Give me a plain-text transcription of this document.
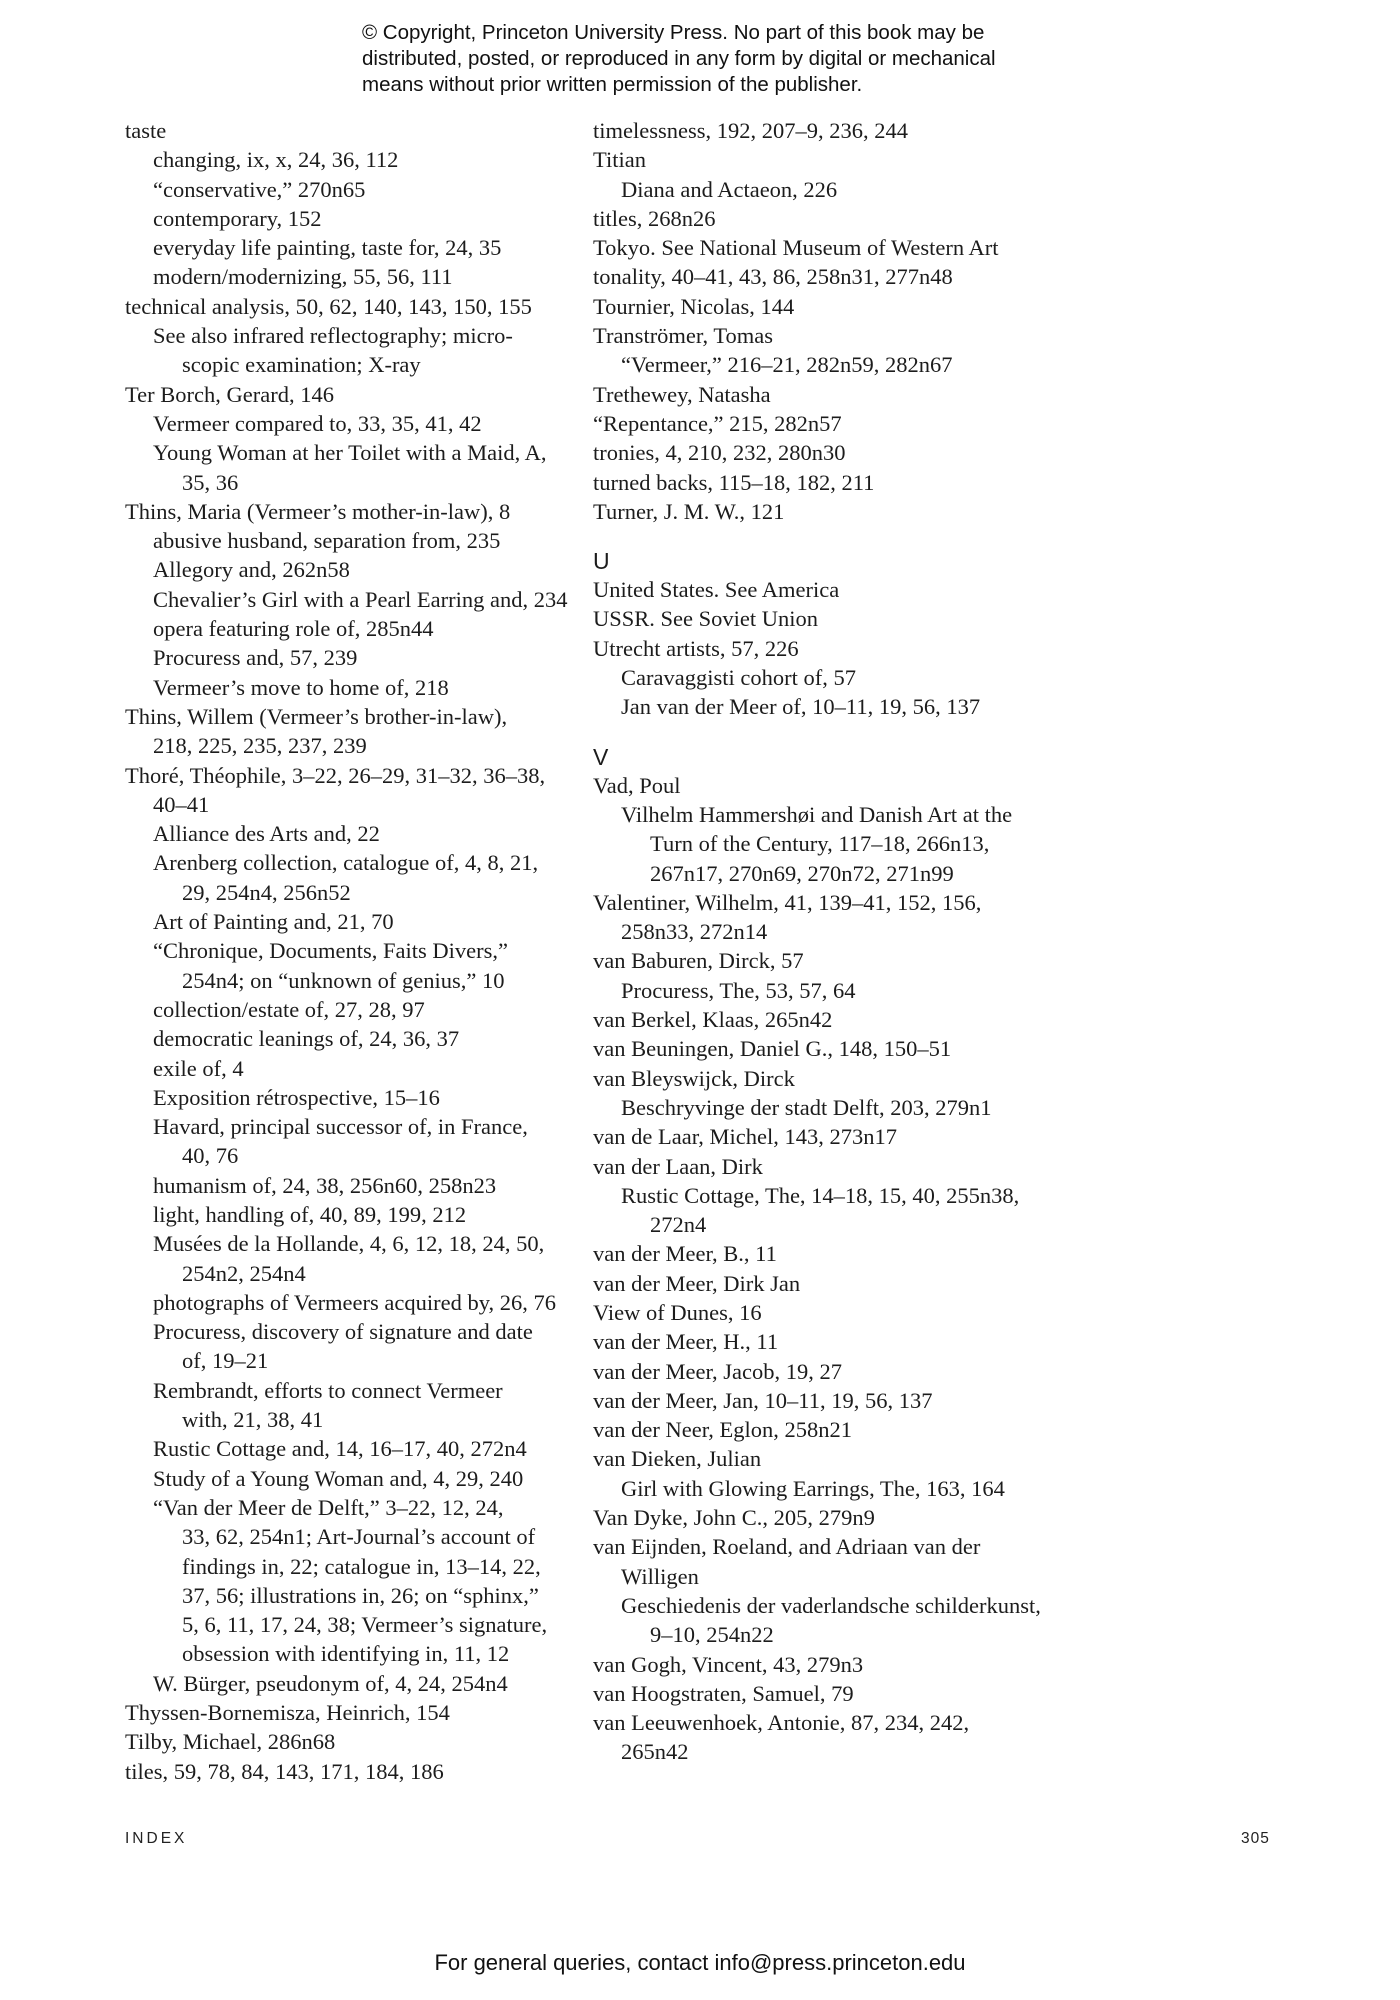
© Copyright, Princeton University Press. No part of this book may be
distributed, posted, or reproduced in any form by digital or mechanical
means without prior written permission of the publisher.
taste
changing, ix, x, 24, 36, 112
“conservative,” 270n65
contemporary, 152
everyday life painting, taste for, 24, 35
modern/modernizing, 55, 56, 111
technical analysis, 50, 62, 140, 143, 150, 155
See also infrared reflectography; micro-
scopic examination; X-ray
Ter Borch, Gerard, 146
Vermeer compared to, 33, 35, 41, 42
Young Woman at her Toilet with a Maid, A,
35, 36
Thins, Maria (Vermeer’s mother-in-law), 8
abusive husband, separation from, 235
Allegory and, 262n58
Chevalier’s Girl with a Pearl Earring and, 234
opera featuring role of, 285n44
Procuress and, 57, 239
Vermeer’s move to home of, 218
Thins, Willem (Vermeer’s brother-in-law),
218, 225, 235, 237, 239
Thoré, Théophile, 3–22, 26–29, 31–32, 36–38,
40–41
Alliance des Arts and, 22
Arenberg collection, catalogue of, 4, 8, 21,
29, 254n4, 256n52
Art of Painting and, 21, 70
“Chronique, Documents, Faits Divers,”
254n4; on “unknown of genius,” 10
collection/estate of, 27, 28, 97
democratic leanings of, 24, 36, 37
exile of, 4
Exposition rétrospective, 15–16
Havard, principal successor of, in France,
40, 76
humanism of, 24, 38, 256n60, 258n23
light, handling of, 40, 89, 199, 212
Musées de la Hollande, 4, 6, 12, 18, 24, 50,
254n2, 254n4
photographs of Vermeers acquired by, 26, 76
Procuress, discovery of signature and date
of, 19–21
Rembrandt, efforts to connect Vermeer
with, 21, 38, 41
Rustic Cottage and, 14, 16–17, 40, 272n4
Study of a Young Woman and, 4, 29, 240
“Van der Meer de Delft,” 3–22, 12, 24,
33, 62, 254n1; Art-Journal’s account of
findings in, 22; catalogue in, 13–14, 22,
37, 56; illustrations in, 26; on “sphinx,”
5, 6, 11, 17, 24, 38; Vermeer’s signature,
obsession with identifying in, 11, 12
W. Bürger, pseudonym of, 4, 24, 254n4
Thyssen-Bornemisza, Heinrich, 154
Tilby, Michael, 286n68
tiles, 59, 78, 84, 143, 171, 184, 186
timelessness, 192, 207–9, 236, 244
Titian
Diana and Actaeon, 226
titles, 268n26
Tokyo. See National Museum of Western Art
tonality, 40–41, 43, 86, 258n31, 277n48
Tournier, Nicolas, 144
Tranströmer, Tomas
“Vermeer,” 216–21, 282n59, 282n67
Trethewey, Natasha
“Repentance,” 215, 282n57
tronies, 4, 210, 232, 280n30
turned backs, 115–18, 182, 211
Turner, J. M. W., 121
U
United States. See America
USSR. See Soviet Union
Utrecht artists, 57, 226
Caravaggisti cohort of, 57
Jan van der Meer of, 10–11, 19, 56, 137
V
Vad, Poul
Vilhelm Hammershøi and Danish Art at the
Turn of the Century, 117–18, 266n13,
267n17, 270n69, 270n72, 271n99
Valentiner, Wilhelm, 41, 139–41, 152, 156,
258n33, 272n14
van Baburen, Dirck, 57
Procuress, The, 53, 57, 64
van Berkel, Klaas, 265n42
van Beuningen, Daniel G., 148, 150–51
van Bleyswijck, Dirck
Beschryvinge der stadt Delft, 203, 279n1
van de Laar, Michel, 143, 273n17
van der Laan, Dirk
Rustic Cottage, The, 14–18, 15, 40, 255n38,
272n4
van der Meer, B., 11
van der Meer, Dirk Jan
View of Dunes, 16
van der Meer, H., 11
van der Meer, Jacob, 19, 27
van der Meer, Jan, 10–11, 19, 56, 137
van der Neer, Eglon, 258n21
van Dieken, Julian
Girl with Glowing Earrings, The, 163, 164
Van Dyke, John C., 205, 279n9
van Eijnden, Roeland, and Adriaan van der
Willigen
Geschiedenis der vaderlandsche schilderkunst,
9–10, 254n22
van Gogh, Vincent, 43, 279n3
van Hoogstraten, Samuel, 79
van Leeuwenhoek, Antonie, 87, 234, 242,
265n42
INDEX	305
For general queries, contact info@press.princeton.edu
